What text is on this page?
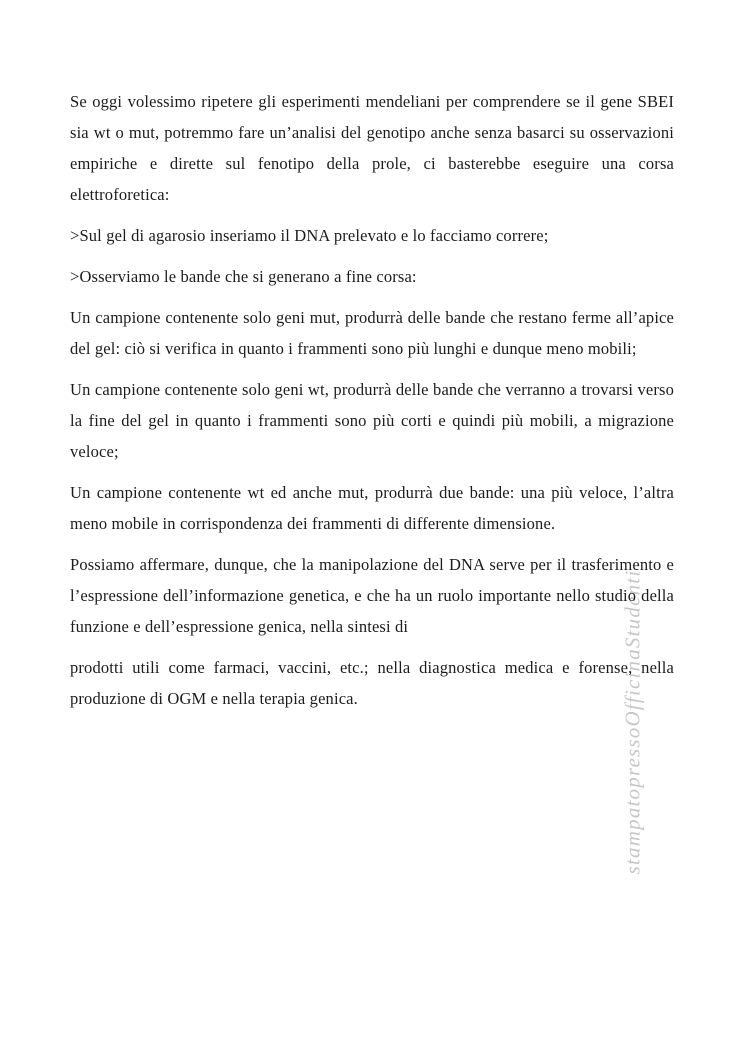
stampatopressoOfficinaStudenti

Se oggi volessimo ripetere gli esperimenti mendeliani per comprendere se il gene SBEI sia wt o mut, potremmo fare un’analisi del genotipo anche senza basarci su osservazioni empiriche e dirette sul fenotipo della prole, ci basterebbe eseguire una corsa elettroforetica:

>Sul gel di agarosio inseriamo il DNA prelevato e lo facciamo correre;

>Osserviamo le bande che si generano a fine corsa:

Un campione contenente solo geni mut, produrrà delle bande che restano ferme all’apice del gel: ciò si verifica in quanto i frammenti sono più lunghi e dunque meno mobili;

Un campione contenente solo geni wt, produrrà delle bande che verranno a trovarsi verso la fine del gel in quanto i frammenti sono più corti e quindi più mobili, a migrazione veloce;

Un campione contenente wt ed anche mut, produrrà due bande: una più veloce, l’altra meno mobile in corrispondenza dei frammenti di differente dimensione.

Possiamo affermare, dunque, che la manipolazione del DNA serve per il trasferimento e l’espressione dell’informazione genetica, e che ha un ruolo importante nello studio della funzione e dell’espressione genica, nella sintesi di

prodotti utili come farmaci, vaccini, etc.; nella diagnostica medica e forense, nella produzione di OGM e nella terapia genica.
